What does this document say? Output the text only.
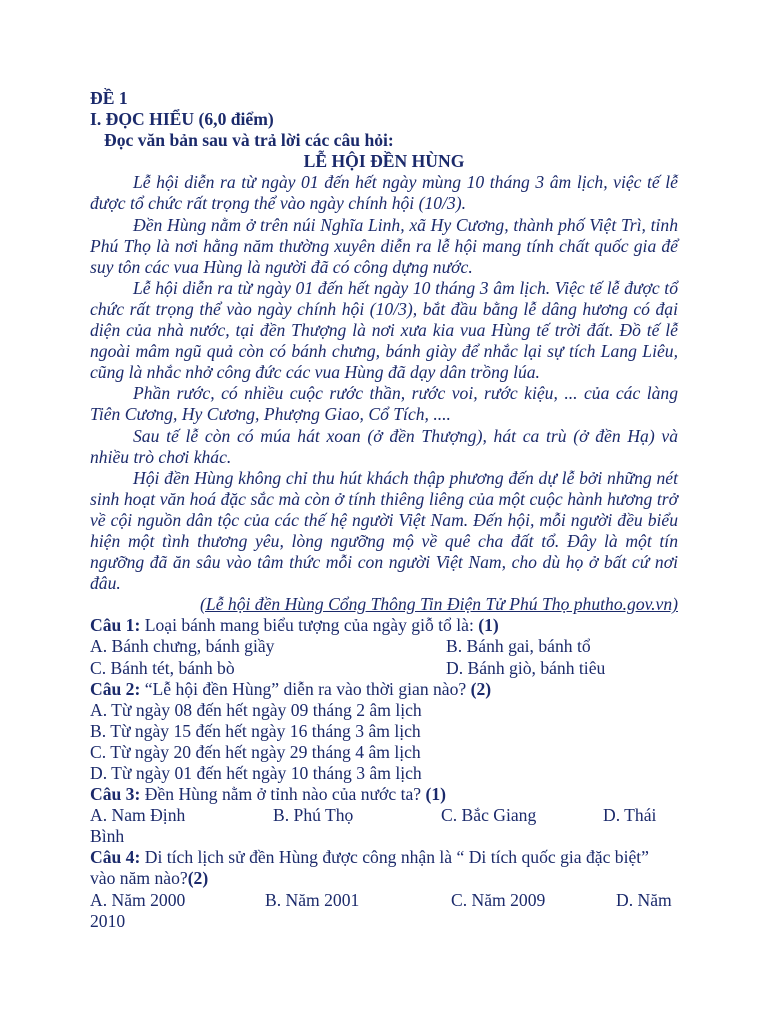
ĐỀ 1

I. ĐỌC HIỂU (6,0 điểm)

Đọc văn bản sau và trả lời các câu hỏi:

LỄ HỘI ĐỀN HÙNG

Lễ hội diễn ra từ ngày 01 đến hết ngày mùng 10 tháng 3 âm lịch, việc tế lễ được tổ chức rất trọng thể vào ngày chính hội (10/3).

Đền Hùng nằm ở trên núi Nghĩa Linh, xã Hy Cương, thành phố Việt Trì, tỉnh Phú Thọ là nơi hằng năm thường xuyên diễn ra lễ hội mang tính chất quốc gia để suy tôn các vua Hùng là người đã có công dựng nước.

Lễ hội diễn ra từ ngày 01 đến hết ngày 10 tháng 3 âm lịch. Việc tế lễ được tổ chức rất trọng thể vào ngày chính hội (10/3), bắt đầu bằng lễ dâng hương có đại diện của nhà nước, tại đền Thượng là nơi xưa kia vua Hùng tế trời đất. Đồ tế lễ ngoài mâm ngũ quả còn có bánh chưng, bánh giày để nhắc lại sự tích Lang Liêu, cũng là nhắc nhở công đức các vua Hùng đã dạy dân trồng lúa.

Phần rước, có nhiều cuộc rước thần, rước voi, rước kiệu, ... của các làng Tiên Cương, Hy Cương, Phượng Giao, Cổ Tích, ....

Sau tế lễ còn có múa hát xoan (ở đền Thượng), hát ca trù (ở đền Hạ) và nhiều trò chơi khác.

Hội đền Hùng không chỉ thu hút khách thập phương đến dự lễ bởi những nét sinh hoạt văn hoá đặc sắc mà còn ở tính thiêng liêng của một cuộc hành hương trở về cội nguồn dân tộc của các thế hệ người Việt Nam. Đến hội, mỗi người đều biểu hiện một tình thương yêu, lòng ngưỡng mộ về quê cha đất tổ. Đây là một tín ngưỡng đã ăn sâu vào tâm thức mỗi con người Việt Nam, cho dù họ ở bất cứ nơi đâu.

(Lễ hội đền Hùng Cổng Thông Tin Điện Tử Phú Thọ phutho.gov.vn)

Câu 1: Loại bánh mang biểu tượng của ngày giỗ tổ là: (1)

A. Bánh chưng, bánh giầy	B. Bánh gai, bánh tổ

C. Bánh tét, bánh bò	D. Bánh giò, bánh tiêu

Câu 2: “Lễ hội đền Hùng” diễn ra vào thời gian nào? (2)

A. Từ ngày 08 đến hết ngày 09 tháng 2 âm lịch

B. Từ ngày 15 đến hết ngày 16 tháng 3 âm lịch

C. Từ ngày 20 đến hết ngày 29 tháng 4 âm lịch

D. Từ ngày 01 đến hết ngày 10 tháng 3 âm lịch

Câu 3: Đền Hùng nằm ở tỉnh nào của nước ta? (1)

A. Nam Định	B. Phú Thọ	C. Bắc Giang	D. Thái Bình

Câu 4: Di tích lịch sử đền Hùng được công nhận là “ Di tích quốc gia đặc biệt” vào năm nào?(2)

A. Năm 2000	B. Năm 2001	C. Năm 2009	D. Năm 2010
